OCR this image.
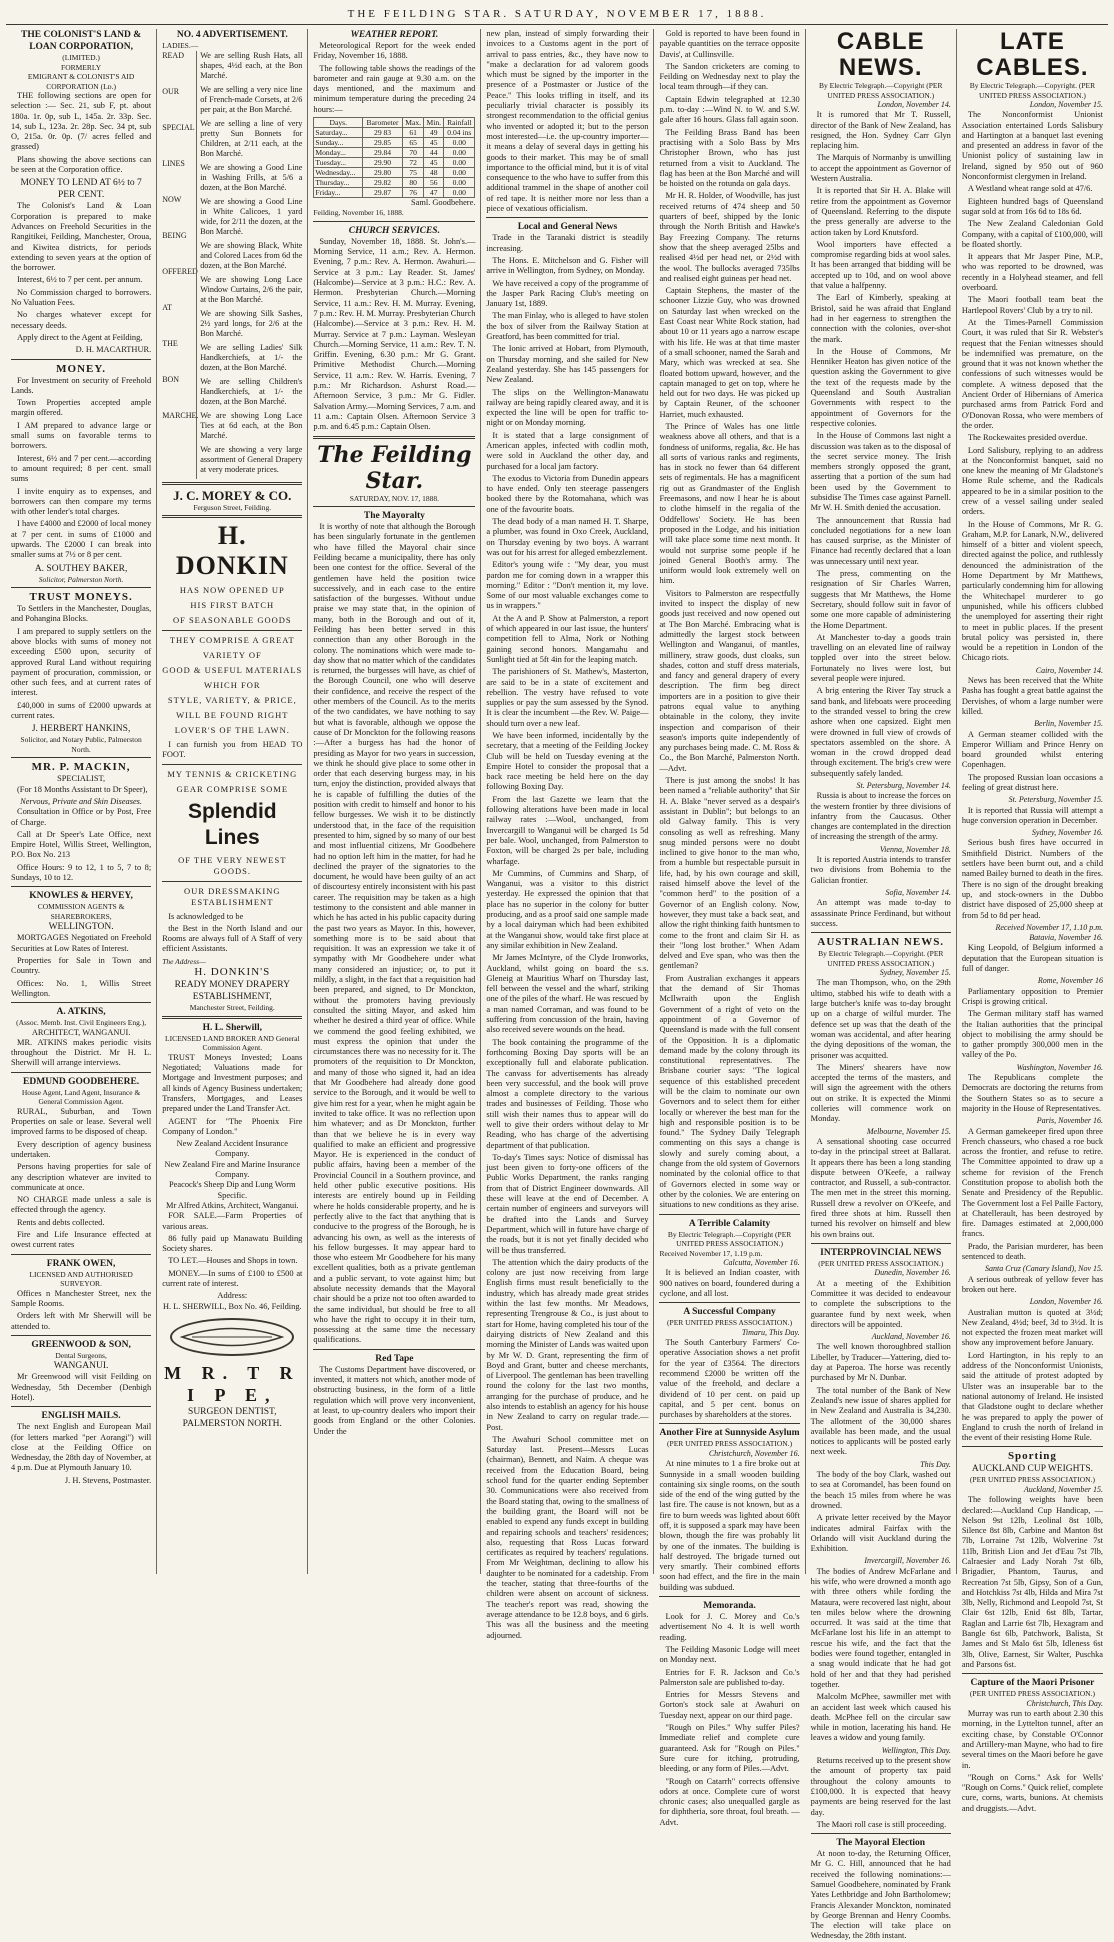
THE FEILDING STAR. SATURDAY, NOVEMBER 17, 1888.
THE COLONIST'S LAND & LOAN CORPORATION,
(LIMITED.)
FORMERLY
EMIGRANT & COLONIST'S AID CORPORATION (Lᴅ.)

THE following sections are open for selection :— Sec. 21, sub F, pt. about 180a. 1r. 0p, sub L, 145a. 2r. 33p. Sec. 14, sub L, 123a. 2r. 28p. Sec. 34 pt, sub O, 215a. 0r. 0p. (7/ acres felled and grassed)

Plans showing the above sections can be seen at the Corporation office.

MONEY TO LEND AT 6½ to 7 PER CENT.

The Colonist's Land & Loan Corporation is prepared to make Advances on Freehold Securities in the Rangitikei, Feilding, Manchester, Oroua, and Kiwitea districts, for periods extending to seven years at the option of the borrower.

Interest, 6½ to 7 per cent. per annum.

No Commission charged to borrowers. No Valuation Fees.

No charges whatever except for necessary deeds.

Apply direct to the Agent at Feilding,

D. H. MACARTHUR.
MONEY.

For Investment on security of Freehold Lands.

Town Properties accepted ample margin offered.

I AM prepared to advance large or small sums on favorable terms to borrowers.

Interest, 6½ and 7 per cent.—according to amount required; 8 per cent. small sums

I invite enquiry as to expenses, and borrowers can then compare my terms with other lender's total charges.

I have £4000 and £2000 of local money at 7 per cent. in sums of £1000 and upwards. The £2000 I can break into smaller sums at 7½ or 8 per cent.

A. SOUTHEY BAKER,
Solicitor, Palmerston North.
TRUST MONEYS.

To Settlers in the Manchester, Douglas, and Pohangina Blocks.

I am prepared to supply settlers on the above blocks with sums of money not exceeding £500 upon, security of approved Rural Land without requiring payment of procuration, commission, or other such fees, and at current rates of interest.

£40,000 in sums of £2000 upwards at current rates.

J. HERBERT HANKINS,
Solicitor, and Notary Public, Palmerston North.
MR. P. MACKIN,
SPECIALIST,

(For 18 Months Assistant to Dr Speer),

Nervous, Private and Skin Diseases.

Consultation in Office or by Post, Free of Charge.

Call at Dr Speer's Late Office, next Empire Hotel, Willis Street, Wellington, P.O. Box No. 213

Office Hours: 9 to 12, 1 to 5, 7 to 8; Sundays, 10 to 12.

KNOWLES & HERVEY,
COMMISSION AGENTS & SHAREBROKERS,
WELLINGTON.

MORTGAGES Negotiated on Freehold Securities at Low Rates of Interest.

Properties for Sale in Town and Country.

Offices: No. 1, Willis Street Wellington.

A. ATKINS,
(Assoc. Memb. Inst. Civil Engineers Eng.),
ARCHITECT, WANGANUI.

MR. ATKINS makes periodic visits throughout the District. Mr H. L. Sherwill will arrange interviews.

EDMUND GOODBEHERE.
House Agent, Land Agent, Insurance & General Commission Agent.

RURAL, Suburban, and Town Properties on sale or lease. Several well improved farms to be disposed of cheap.

Every description of agency business undertaken.

Persons having properties for sale of any description whatever are invited to communicate at once.

NO CHARGE made unless a sale is effected through the agency.

Rents and debts collected.

Fire and Life Insurance effected at owest current rates

FRANK OWEN,
LICENSED AND AUTHORISED SURVEYOR.

Offices n Manchester Street, nex the Sample Rooms.

Orders left with Mr Sherwill will be attended to.

GREENWOOD & SON,
Dental Surgeons,
WANGANUI.

Mr Greenwood will visit Feilding on Wednesday, 5th December (Denbigh Hotel).

ENGLISH MAILS.

The next English and European Mail (for letters marked "per Aorangi") will close at the Feilding Office on Wednesday, the 28th day of November, at 4 p.m. Due at Plymouth January 10.

J. H. Stevens, Postmaster.
NO. 4 ADVERTISEMENT.
LADIES.—
READ
OUR
SPECIAL
LINES
NOW
BEING
OFFERED
AT
THE
BON
MARCHE.
We are selling Rush Hats, all shapes, 4½d each, at the Bon Marché.
We are selling a very nice line of French-made Corsets, at 2/6 per pair, at the Bon Marché.
We are selling a line of very pretty Sun Bonnets for Children, at 2/11 each, at the Bon Marché.
We are showing a Good Line in Washing Frills, at 5/6 a dozen, at the Bon Marché.
We are showing a Good Line in White Calicoes, 1 yard wide, for 2/11 the dozen, at the Bon Marché.
We are showing Black, White and Colored Laces from 6d the dozen, at the Bon Marché.
We are showing Long Lace Window Curtains, 2/6 the pair, at the Bon Marché.
We are showing Silk Sashes, 2½ yard longs, for 2/6 at the Bon Marché.
We are selling Ladies' Silk Handkerchiefs, at 1/- the dozen, at the Bon Marché.
We are selling Children's Handkerchiefs, at 1/- the dozen, at the Bon Marché.
We are showing Long Lace Ties at 6d each, at the Bon Marché.
We are showing a very large assortment of General Drapery at very moderate prices.
J. C. MOREY & CO.
Ferguson Street, Feilding.
H. DONKIN
HAS NOW OPENED UP
HIS FIRST BATCH
OF SEASONABLE GOODS
THEY COMPRISE A GREAT
VARIETY OF
GOOD & USEFUL MATERIALS
WHICH FOR
STYLE, VARIETY, & PRICE,
WILL BE FOUND RIGHT
LOVER'S OF THE LAWN.

I can furnish you from HEAD TO FOOT.

MY TENNIS & CRICKETING
GEAR COMPRISE SOME
Splendid Lines
OF THE VERY NEWEST GOODS.
OUR DRESSMAKING ESTABLISHMENT

Is acknowledged to be

the Best in the North Island and our Rooms are always full of A Staff of very efficient Assistants.

The Address—
H. DONKIN'S
READY MONEY DRAPERY ESTABLISHMENT,
Manchester Street, Feilding.
H. L. Sherwill,
LICENSED LAND BROKER AND General Commission Agent.

TRUST Moneys Invested; Loans Negotiated; Valuations made for Mortgage and Investment purposes; and all kinds of Agency Business undertaken; Transfers, Mortgages, and Leases prepared under the Land Transfer Act.

AGENT for "The Phoenix Fire Company of London."

New Zealand Accident Insurance Company.
New Zealand Fire and Marine Insurance Company.
Peacock's Sheep Dip and Lung Worm Specific.
Mr Alfred Atkins, Architect, Wanganui.

FOR SALE.—Farm Properties of various areas.

86 fully paid up Manawatu Building Society shares.

TO LET.—Houses and Shops in town.

MONEY.—In sums of £100 to £500 at current rate of interest.

Address:
H. L. SHERWILL, Box No. 46, Feilding.
M R. T R I P E,
SURGEON DENTIST,
PALMERSTON NORTH.
WEATHER REPORT.

Meteorological Report for the week ended Friday, November 16, 1888.

The following table shows the readings of the barometer and rain gauge at 9.30 a.m. on the days mentioned, and the maximum and minimum temperature during the preceding 24 hours:—

Days.	Barometer	Max.	Min.	Rainfall
Saturday...	29 83	61	49	0.04 ins
Sunday...	29.85	65	45	0.00
Monday...	29.84	70	44	0.00
Tuesday...	29.90	72	45	0.00
Wednesday...	29.80	75	48	0.00
Thursday...	29.82	80	56	0.00
Friday...	29.87	76	47	0.00
Saml. Goodbehere.
Feilding, November 16, 1888.
CHURCH SERVICES.

Sunday, November 18, 1888. St. John's.—Morning Service, 11 a.m.; Rev. A. Hermon. Evening, 7 p.m.: Rev. A. Hermon. Awahuri.—Service at 3 p.m.: Lay Reader. St. James' (Halcombe)—Service at 3 p.m.: H.C.: Rev. A. Hermon. Presbyterian Church.—Morning Service, 11 a.m.: Rev. H. M. Murray. Evening, 7 p.m.: Rev. H. M. Murray. Presbyterian Church (Halcombe).—Service at 3 p.m.: Rev. H. M. Murray. Service at 7 p.m.: Layman. Wesleyan Church.—Morning Service, 11 a.m.: Rev. T. N. Griffin. Evening, 6.30 p.m.: Mr G. Grant. Primitive Methodist Church.—Morning Service, 11 a.m.: Rev. W. Harris. Evening, 7 p.m.: Mr Richardson. Ashurst Road.—Afternoon Service, 3 p.m.: Mr G. Fidler. Salvation Army.—Morning Services, 7 a.m. and 11 a.m.: Captain Olsen. Afternoon Service 3 p.m. and 6.45 p.m.: Captain Olsen.

The Feilding Star.
SATURDAY, NOV. 17, 1888.
The Mayoralty

It is worthy of note that although the Borough has been singularly fortunate in the gentlemen who have filled the Mayoral chair since Feilding became a municipality, there has only been one contest for the office. Several of the gentlemen have held the position twice successively, and in each case to the entire satisfaction of the burgesses. Without undue praise we may state that, in the opinion of many, both in the Borough and out of it, Feilding has been better served in this connection than any other Borough in the colony. The nominations which were made to-day show that no matter which of the candidates is returned, the burgesses will have, as chief of the Borough Council, one who will deserve their confidence, and receive the respect of the other members of the Council. As to the merits of the two candidates, we have nothing to say but what is favorable, although we oppose the cause of Dr Monckton for the following reasons :—After a burgess has had the honor of presiding as Mayor for two years in succession, we think he should give place to some other in order that each deserving burgess may, in his turn, enjoy the distinction, provided always that he is capable of fulfilling the duties of the position with credit to himself and honor to his fellow burgesses. We wish it to be distinctly understood that, in the face of the requisition presented to him, signed by so many of our best and most influential citizens, Mr Goodbehere had no option left him in the matter, for had he declined the prayer of the signatories to the document, he would have been guilty of an act of discourtesy entirely inconsistent with his past career. The requisition may be taken as a high testimony to the consistent and able manner in which he has acted in his public capacity during the past two years as Mayor. In this, however, something more is to be said about that requisition. It was an expression we take it of sympathy with Mr Goodbehere under what many considered an injustice; or, to put it mildly, a slight, in the fact that a requisition had been prepared, and signed, to Dr Monckton, without the promoters having previously consulted the sitting Mayor, and asked him whether he desired a third year of office. While we commend the good feeling exhibited, we must express the opinion that under the circumstances there was no necessity for it. The promoters of the requisition to Dr Monckton, and many of those who signed it, had an idea that Mr Goodbehere had already done good service to the Borough, and it would be well to give him rest for a year, when he might again be invited to take office. It was no reflection upon him whatever; and as Dr Monckton, further than that we believe he is in every way qualified to make an efficient and progressive Mayor. He is experienced in the conduct of public affairs, having been a member of the Provincial Council in a Southern province, and held other public executive positions. His interests are entirely bound up in Feilding where he holds considerable property, and he is perfectly alive to the fact that anything that is conducive to the progress of the Borough, he is advancing his own, as well as the interests of his fellow burgesses. It may appear hard to those who esteem Mr Goodbehere for his many excellent qualities, both as a private gentleman and a public servant, to vote against him; but absolute necessity demands that the Mayoral chair should be a prize not too often awarded to the same individual, but should be free to all who have the right to occupy it in their turn, possessing at the same time the necessary qualifications.

Red Tape

The Customs Department have discovered, or invented, it matters not which, another mode of obstructing business, in the form of a little regulation which will prove very inconvenient, at least, to up-country dealers who import their goods from England or the other Colonies. Under the

new plan, instead of simply forwarding their invoices to a Customs agent in the port of arrival to pass entries, &c., they have now to "make a declaration for ad valorem goods which must be signed by the importer in the presence of a Postmaster or Justice of the Peace." This looks trifling in itself, and its peculiarly trivial character is possibly its strongest recommendation to the official genius who invented or adopted it; but to the person most interested—i.e. the up-country importer—it means a delay of several days in getting his goods to their market. This may be of small importance to the official mind, but it is of vital consequence to the who have to suffer from this additional trammel in the shape of another coil of red tape. It is neither more nor less than a piece of vexatious officialism.

Local and General News

Trade in the Taranaki district is steadily increasing.

The Hons. E. Mitchelson and G. Fisher will arrive in Wellington, from Sydney, on Monday.

We have received a copy of the programme of the Jasper Park Racing Club's meeting on January 1st, 1889.

The man Finlay, who is alleged to have stolen the box of silver from the Railway Station at Greatford, has been committed for trial.

The Ionic arrived at Hobart, from Plymouth, on Thursday morning, and she sailed for New Zealand yesterday. She has 145 passengers for New Zealand.

The slips on the Wellington-Manawatu railway are being rapidly cleared away, and it is expected the line will be open for traffic to-night or on Monday morning.

It is stated that a large consignment of American apples, infected with codlin moth, were sold in Auckland the other day, and purchased for a local jam factory.

The exodus to Victoria from Dunedin appears to have ended. Only ten steerage passengers booked there by the Rotomahana, which was one of the favourite boats.

The dead body of a man named H. T. Sharpe, a plumber, was found in Oxo Creek, Auckland, on Thursday evening by two boys. A warrant was out for his arrest for alleged embezzlement.

Editor's young wife : "My dear, you must pardon me for coming down in a wrapper this morning." Editor : "Don't mention it, my love. Some of our most valuable exchanges come to us in wrappers."

At the A and P. Show at Palmerston, a report of which appeared in our last issue, the hunters' competition fell to Alma, Nork or Nothing gaining second honors. Mangamahu and Sunlight tied at 5ft 4in for the leaping match.

The parishioners of St. Mathew's, Masterton, are said to be in a state of excitement and rebellion. The vestry have refused to vote supplies or pay the sum assessed by the Synod. It is clear the incumbent —the Rev. W. Paige—should turn over a new leaf.

We have been informed, incidentally by the secretary, that a meeting of the Feilding Jockey Club will be held on Tuesday evening at the Empire Hotel to consider the proposal that a back race meeting be held here on the day following Boxing Day.

From the last Gazette we learn that the following alterations have been made in local railway rates :—Wool, unchanged, from Invercargill to Wanganui will be charged 1s 5d per bale. Wool, unchanged, from Palmerston to Foxton, will be charged 2s per bale, including wharfage.

Mr Cummins, of Cummins and Sharp, of Wanganui, was a visitor to this district yesterday. He expressed the opinion that that place has no superior in the colony for butter producing, and as a proof said one sample made by a local dairyman which had been exhibited at the Wanganui show, would take first place at any similar exhibition in New Zealand.

Mr James McIntyre, of the Clyde Ironworks, Auckland, whilst going on board the s.s. Gleneig at Mauritius Wharf on Thursday last, fell between the vessel and the wharf, striking one of the piles of the wharf. He was rescued by a man named Corraman, and was found to be suffering from concussion of the brain, having also received severe wounds on the head.

The book containing the programme of the forthcoming Boxing Day sports will be an exceptionally full and elaborate publication. The canvass for advertisements has already been very successful, and the book will prove almost a complete directory to the various trades and businesses of Feilding. Those who still wish their names thus to appear will do well to give their orders without delay to Mr Reading, who has charge of the advertising department of that publication.

To-day's Times says: Notice of dismissal has just been given to forty-one officers of the Public Works Department, the ranks ranging from that of District Engineer downwards. All these will leave at the end of December. A certain number of engineers and surveyors will be drafted into the Lands and Survey Department, which will in future have charge of the roads, but it is not yet finally decided who will be thus transferred.

The attention which the dairy products of the colony are just now receiving from large English firms must result beneficially to the industry, which has already made great strides within the last few months. Mr Meadows, representing Trengrouse & Co., is just about to start for Home, having completed his tour of the dairying districts of New Zealand and this morning the Minister of Lands was waited upon by Mr W. D. Grant, representing the firm of Boyd and Grant, butter and cheese merchants, of Liverpool. The gentleman has been travelling round the colony for the last two months, arranging for the purchase of produce, and he also intends to establish an agency for his house in New Zealand to carry on regular trade.—Post.

The Awahuri School committee met on Saturday last. Present—Messrs Lucas (chairman), Bennett, and Naim. A cheque was received from the Education Board, being school fund for the quarter ending September 30. Communications were also received from the Board stating that, owing to the smallness of the building grant, the Board will not be enabled to expend any funds except in building and repairing schools and teachers' residences; also, requesting that Ross Lucas forward certificates as required by teachers' regulations. From Mr Weightman, declining to allow his daughter to be nominated for a cadetship. From the teacher, stating that three-fourths of the children were absent on account of sickness. The teacher's report was read, showing the average attendance to be 12.8 boys, and 6 girls. This was all the business and the meeting adjourned.

Gold is reported to have been found in payable quantities on the terrace opposite Davis', at Cullinsville.

The Sandon cricketers are coming to Feilding on Wednesday next to play the local team through—if they can.

Captain Edwin telegraphed at 12.30 p.m. to-day :—Wind N. to W. and S.W. gale after 16 hours. Glass fall again soon.

The Feilding Brass Band has been practising with a Solo Bass by Mrs Christopher Brown, who has just returned from a visit to Auckland. The flag has been at the Bon Marché and will be hoisted on the rotunda on gala days.

Mr H. R. Holder, of Woodville, has just received returns of 474 sheep and 50 quarters of beef, shipped by the Ionic through the North British and Hawke's Bay Freezing Company. The returns show that the sheep averaged 25lbs and realised 4½d per head net, or 2½d with the wool. The bullocks averaged 735lbs and realised eight guineas per head net.

Captain Stephens, the master of the schooner Lizzie Guy, who was drowned on Saturday last when wrecked on the East Coast near White Rock station, had about 10 or 11 years ago a narrow escape with his life. He was at that time master of a small schooner, named the Sarah and Mary, which was wrecked at sea. She floated bottom upward, however, and the captain managed to get on top, where he held out for two days. He was picked up by Captain Reuner, of the schooner Harriet, much exhausted.

The Prince of Wales has one little weakness above all others, and that is a fondness of uniforms, regalia, &c. He has all sorts of various ranks and regiments, has in stock no fewer than 64 different sets of regimentals. He has a magnificent rig out as Grandmaster of the English Freemasons, and now I hear he is about to clothe himself in the regalia of the Oddfellows' Society. He has been proposed in the Lodge, and his initiation will take place some time next month. It would not surprise some people if he joined General Booth's army. The uniform would look extremely well on him.

Visitors to Palmerston are respectfully invited to inspect the display of new goods just received and now opened out at The Bon Marché. Embracing what is admittedly the largest stock between Wellington and Wanganui, of mantles, millinery, straw goods, dust cloaks, sun shades, cotton and stuff dress materials, and fancy and general drapery of every description. The firm beg direct importers are in a position to give their patrons equal value to anything obtainable in the colony, they invite inspection and comparison of their season's imports quite independently of any purchases being made. C. M. Ross & Co., the Bon Marché, Palmerston North.—Advt.

There is just among the snobs! It has been named a "reliable authority" that Sir H. A. Blake "never served as a despair's assistant in Dublin"; but belongs to an old Galway family. This is very consoling as well as refreshing. Many snug minded persons were no doubt inclined to give honor to the man who, from a humble but respectable pursuit in life, had, by his own courage and skill, raised himself above the level of the "common herd" to the position of a Governor of an English colony. Now, however, they must take a back seat, and allow the right thinking faith huntsmen to come to the front and claim Sir H. as their "long lost brother." When Adam delved and Eve span, who was then the gentleman?

From Australian exchanges it appears that the demand of Sir Thomas McIlwraith upon the English Government of a right of veto on the appointment of a Governor of Queensland is made with the full consent of the Opposition. It is a diplomatic demand made by the colony through its constitutional representatives. The Brisbane courier says: "The logical sequence of this established precedent will be the claim to nominate our own Governors and to select them for either locally or wherever the best man for the high and responsible position is to be found." The Sydney Daily Telegraph commenting on this says a change is slowly and surely coming about, a change from the old system of Governors nominated by the colonial office to that of Governors elected in some way or other by the colonies. We are entering on situations to new conditions as they arise.

A Terrible Calamity
By Electric Telegraph.—Copyright (PER UNITED PRESS ASSOCIATION.)
Received November 17, 1.19 p.m.
Calcutta, November 16.

It is believed an Indian coaster, with 900 natives on board, foundered during a cyclone, and all lost.

A Successful Company
(PER UNITED PRESS ASSOCIATION.)
Timaru, This Day.

The South Canterbury Farmers' Co-operative Association shows a net profit for the year of £3564. The directors recommend £2000 be written off the value of the freehold, and declare a dividend of 10 per cent. on paid up capital, and 5 per cent. bonus on purchases by shareholders at the stores.

Another Fire at Sunnyside Asylum
(PER UNITED PRESS ASSOCIATION.)
Christchurch, November 16.

At nine minutes to 1 a fire broke out at Sunnyside in a small wooden building containing six single rooms, on the south side of the end of the wing gutted by the last fire. The cause is not known, but as a fire to burn weeds was lighted about 60ft off, it is supposed a spark may have been blown, though the fire was probably lit by one of the inmates. The building is half destroyed. The brigade turned out very smartly. Their combined efforts soon had effect, and the fire in the main building was subdued.

Memoranda.

Look for J. C. Morey and Co.'s advertisement No 4. It is well worth reading.

The Feilding Masonic Lodge will meet on Monday next.

Entries for F. R. Jackson and Co.'s Palmerston sale are published to-day.

Entries for Messrs Stevens and Gorton's stock sale at Awahuri on Tuesday next, appear on our third page.

"Rough on Piles." Why suffer Piles? Immediate relief and complete cure guaranteed. Ask for "Rough on Piles." Sure cure for itching, protruding, bleeding, or any form of Piles.—Advt.

"Rough on Catarrh" corrects offensive odors at once. Complete cure of worst chronic cases; also unequalled gargle as for diphtheria, sore throat, foul breath. —Advt.

CABLE NEWS.
By Electric Telegraph.—Copyright (PER UNITED PRESS ASSOCIATION.)
London, November 14.

It is rumored that Mr T. Russell, director of the Bank of New Zealand, has resigned, the Hon. Sydney Carr Glyn replacing him.

The Marquis of Normanby is unwilling to accept the appointment as Governor of Western Australia.

It is reported that Sir H. A. Blake will retire from the appointment as Governor of Queensland. Referring to the dispute the press generally are adverse to the action taken by Lord Knutsford.

Wool importers have effected a compromise regarding bids at wool sales. It has been arranged that bidding will be accepted up to 10d, and on wool above that value a halfpenny.

The Earl of Kimberly, speaking at Bristol, said he was afraid that England had in her eagerness to strengthen the connection with the colonies, over-shot the mark.

In the House of Commons, Mr Henniker Heaton has given notice of the question asking the Government to give the text of the requests made by the Queensland and South Australian Governments with respect to the appointment of Governors for the respective colonies.

In the House of Commons last night a discussion was taken as to the disposal of the secret service money. The Irish members strongly opposed the grant, asserting that a portion of the sum had been used by the Government to subsidise The Times case against Parnell. Mr W. H. Smith denied the accusation.

The announcement that Russia had concluded negotiations for a new loan has caused surprise, as the Minister of Finance had recently declared that a loan was unnecessary until next year.

The press, commenting on the resignation of Sir Charles Warren, suggests that Mr Matthews, the Home Secretary, should follow suit in favor of some one more capable of administering the Home Department.

At Manchester to-day a goods train travelling on an elevated line of railway toppled over into the street below. Fortunately no lives were lost, but several people were injured.

A brig entering the River Tay struck a sand bank, and lifeboats were proceeding to the stranded vessel to bring the crew ashore when one capsized. Eight men were drowned in full view of crowds of spectators assembled on the shore. A woman in the crowd dropped dead through excitement. The brig's crew were subsequently safely landed.

St. Petersburg, November 14.

Russia is about to increase the forces on the western frontier by three divisions of infantry from the Caucasus. Other changes are contemplated in the direction of increasing the strength of the army.

Vienna, November 18.

It is reported Austria intends to transfer two divisions from Bohemia to the Galician frontier.

Sofia, November 14.

An attempt was made to-day to assassinate Prince Ferdinand, but without success.

AUSTRALIAN NEWS.
By Electric Telegraph.—Copyright. (PER UNITED PRESS ASSOCIATION.)
Sydney, November 15.

The man Thompson, who, on the 29th ultimo, stabbed his wife to death with a large butcher's knife was to-day brought up on a charge of wilful murder. The defence set up was that the death of the woman was accidental, and after hearing the dying depositions of the woman, the prisoner was acquitted.

The Miners' shearers have now accepted the terms of the masters, and will sign the agreement with the others out on strike. It is expected the Minmi colleries will commence work on Monday.

Melbourne, November 15.

A sensational shooting case occurred to-day in the principal street at Ballarat. It appears there has been a long standing dispute between O'Keefe, a railway contractor, and Russell, a sub-contractor. The men met in the street this morning. Russell drew a revolver on O'Keefe, and fired three shots at him. Russell then turned his revolver on himself and blew his own brains out.

INTERPROVINCIAL NEWS
(PER UNITED PRESS ASSOCIATION.)
Dunedin, November 16.

At a meeting of the Exhibition Committee it was decided to endeavour to complete the subscriptions to the guarantee fund by next week, when directors will be appointed.

Auckland, November 16.

The well known thoroughbred stallion Libeller, by Traducer—Yattering, died to-day at Paperoa. The horse was recently purchased by Mr N. Dunbar.

The total number of the Bank of New Zealand's new issue of shares applied for in New Zealand and Australia is 34,230. The allotment of the 30,000 shares available has been made, and the usual notices to applicants will be posted early next week.

This Day.

The body of the boy Clark, washed out to sea at Coromandel, has been found on the beach 15 miles from where he was drowned.

A private letter received by the Mayor indicates admiral Fairfax with the Orlando will visit Auckland during the Exhibition.

Invercargill, November 16.

The bodies of Andrew McFarlane and his wife, who were drowned a month ago with three others while fording the Mataura, were recovered last night, about ten miles below where the drowning occurred. It was said at the time that McFarlane lost his life in an attempt to rescue his wife, and the fact that the bodies were found together, entangled in a snag would indicate that he had got hold of her and that they had perished together.

Malcolm McPhee, sawmiller met with an accident last week which caused his death. McPhee fell on the circular saw while in motion, lacerating his hand. He leaves a widow and young family.

Wellington, This Day.

Returns received up to the present show the amount of property tax paid throughout the colony amounts to £100,000. It is expected that heavy payments are being reserved for the last day.

The Maori roll case is still proceeding.

The Mayoral Election

At noon to-day, the Returning Officer, Mr G. C. Hill, announced that he had received the following nominations:—Samuel Goodbehere, nominated by Frank Yates Lethbridge and John Bartholomew; Francis Alexander Monckton, nominated by George Brennan and Henry Coombs. The election will take place on Wednesday, the 28th instant.

LATE CABLES.
By Electric Telegraph.—Copyright. (PER UNITED PRESS ASSOCIATION.)
London, November 15.

The Nonconformist Unionist Association entertained Lords Salisbury and Hartington at a banquet last evening and presented an address in favor of the Unionist policy of sustaining law in Ireland, signed by 950 out of 960 Nonconformist clergymen in Ireland.

A Westland wheat range sold at 47/6.

Eighteen hundred bags of Queensland sugar sold at from 16s 6d to 18s 6d.

The New Zealand Caledonian Gold Company, with a capital of £100,000, will be floated shortly.

It appears that Mr Jasper Pine, M.P., who was reported to be drowned, was recently in a Holyhead steamer, and fell overboard.

The Maori football team beat the Hartlepool Rovers' Club by a try to nil.

At the Times-Parnell Commission Court, it was ruled that Sir R. Webster's request that the Fenian witnesses should be indemnified was premature, on the ground that it was not known whether the confessions of such witnesses would be complete. A witness deposed that the Ancient Order of Hibernians of America purchased arms from Patrick Ford and O'Donovan Rossa, who were members of the order.

The Rockewaites presided overdue.

Lord Salisbury, replying to an address at the Nonconformist banquet, said no one knew the meaning of Mr Gladstone's Home Rule scheme, and the Radicals appeared to be in a similar position to the crew of a vessel sailing under sealed orders.

In the House of Commons, Mr R. G. Graham, M.P. for Lanark, N.W., delivered himself of a bitter and violent speech, directed against the police, and ruthlessly denounced the administration of the Home Department by Mr Matthews, particularly condemning him for allowing the Whitechapel murderer to go unpunished, while his officers clubbed the unemployed for asserting their right to meet in public places. If the present brutal policy was persisted in, there would be a repetition in London of the Chicago riots.

Cairo, November 14.

News has been received that the White Pasha has fought a great battle against the Dervishes, of whom a large number were killed.

Berlin, November 15.

A German steamer collided with the Emperor William and Prince Henry on board grounded whilst entering Copenhagen.

The proposed Russian loan occasions a feeling of great distrust here.

St. Petersburg, November 15.

It is reported that Russia will attempt a huge conversion operation in December.

Sydney, November 16.

Serious bush fires have occurred in Smithfield District. Numbers of the settlers have been burnt out, and a child named Bailey burned to death in the fires. There is no sign of the drought breaking up, and stock-owners in the Dubbo district have disposed of 25,000 sheep at from 5d to 8d per head.

Received November 17, 1.10 p.m.
Batavia, November 16.

King Leopold, of Belgium informed a deputation that the European situation is full of danger.

Rome, November 16

Parliamentary opposition to Premier Crispi is growing critical.

The German military staff has warned the Italian authorities that the principal object to mobilising the army should be to gather promptly 300,000 men in the valley of the Po.

Washington, November 16.

The Republicans complete the Democrats are doctoring the returns from the Southern States so as to secure a majority in the House of Representatives.

Paris, November 16.

A German gamekeeper fired upon three French chasseurs, who chased a roe buck across the frontier, and refuse to retire. The Committee appointed to draw up a scheme for revision of the French Constitution propose to abolish both the Senate and Presidency of the Republic. The Government lost a Fel Paille Factory, at Chatellerault, has been destroyed by fire. Damages estimated at 2,000,000 francs.

Prado, the Parisian murderer, has been sentenced to death.

Santa Cruz (Canary Island), Nov 15.

A serious outbreak of yellow fever has broken out here.

London, November 16.

Australian mutton is quoted at 3½d; New Zealand, 4½d; beef, 3d to 3½d. It is not expected the frozen meat market will show any improvement before January.

Lord Hartington, in his reply to an address of the Nonconformist Unionists, said the attitude of protest adopted by Ulster was an insuperable bar to the national autonomy of Ireland. He insisted that Gladstone ought to declare whether he was prepared to apply the power of England to crush the north of Ireland in the event of their resisting Home Rule.

Sporting
AUCKLAND CUP WEIGHTS.
(PER UNITED PRESS ASSOCIATION.)
Auckland, November 15.

The following weights have been declared:—Auckland Cup Handicap, — Nelson 9st 12lb, Leolinal 8st 10lb, Silence 8st 8lb, Carbine and Manton 8st 7lb, Lorraine 7st 12lb, Wolverine 7st 11lb, British Lion and Jet d'Eau 7st 7lb, Calraesier and Lady Norah 7st 6lb, Brigadier, Phantom, Taurus, and Recreation 7st 5lb, Gipsy, Son of a Gun, and Hotchkiss 7st 4lb, Hilda and Mira 7st 3lb, Nelly, Richmond and Leopold 7st, St Clair 6st 12lb, Enid 6st 8lb, Tartar, Raglan and Larrie 6st 7lb, Hexagram and Bangle 6st 6lb, Patchwork, Balista, St James and St Malo 6st 5lb, Idleness 6st 3lb, Olive, Earnest, Sir Walter, Puschka and Parsons 6st.

Capture of the Maori Prisoner
(PER UNITED PRESS ASSOCIATION.)
Christchurch, This Day.

Murray was run to earth about 2.30 this morning, in the Lyttelton tunnel, after an exciting chase, by Constable O'Connor and Artillery-man Mayne, who had to fire several times on the Maori before he gave in.

"Rough on Corns." Ask for Wells' "Rough on Corns." Quick relief, complete cure, corns, warts, bunions. At chemists and druggists.—Advt.
